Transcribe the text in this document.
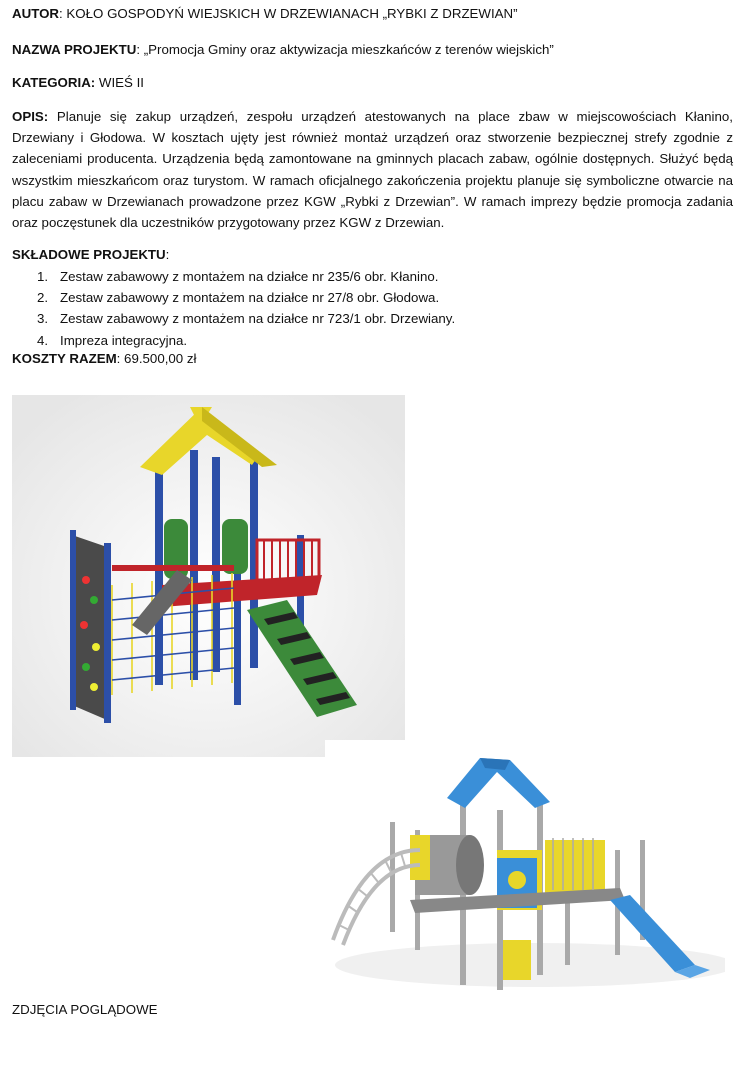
AUTOR: KOŁO GOSPODYŃ WIEJSKICH W DRZEWIANACH „RYBKI Z DRZEWIAN”
NAZWA PROJEKTU: „Promocja Gminy oraz aktywizacja mieszkańców z terenów wiejskich”
KATEGORIA: WIEŚ II
OPIS: Planuje się zakup urządzeń, zespołu urządzeń atestowanych na place zbaw w miejscowościach Kłanino, Drzewiany i Głodowa. W kosztach ujęty jest również montaż urządzeń oraz stworzenie bezpiecznej strefy zgodnie z zaleceniami producenta. Urządzenia będą zamontowane na gminnych placach zabaw, ogólnie dostępnych. Służyć będą wszystkim mieszkańcom oraz turystom. W ramach oficjalnego zakończenia projektu planuje się symboliczne otwarcie na placu zabaw w Drzewianach prowadzone przez KGW „Rybki z Drzewian”. W ramach imprezy będzie promocja zadania oraz poczęstunek dla uczestników przygotowany przez KGW z Drzewian.
SKŁADOWE PROJEKTU:
1. Zestaw zabawowy z montażem na działce nr 235/6 obr. Kłanino.
2. Zestaw zabawowy z montażem na działce nr 27/8 obr. Głodowa.
3. Zestaw zabawowy z montażem na działce nr 723/1 obr. Drzewiany.
4. Impreza integracyjna.
KOSZTY RAZEM: 69.500,00 zł
ZDJĘCIA POGLĄDOWE
